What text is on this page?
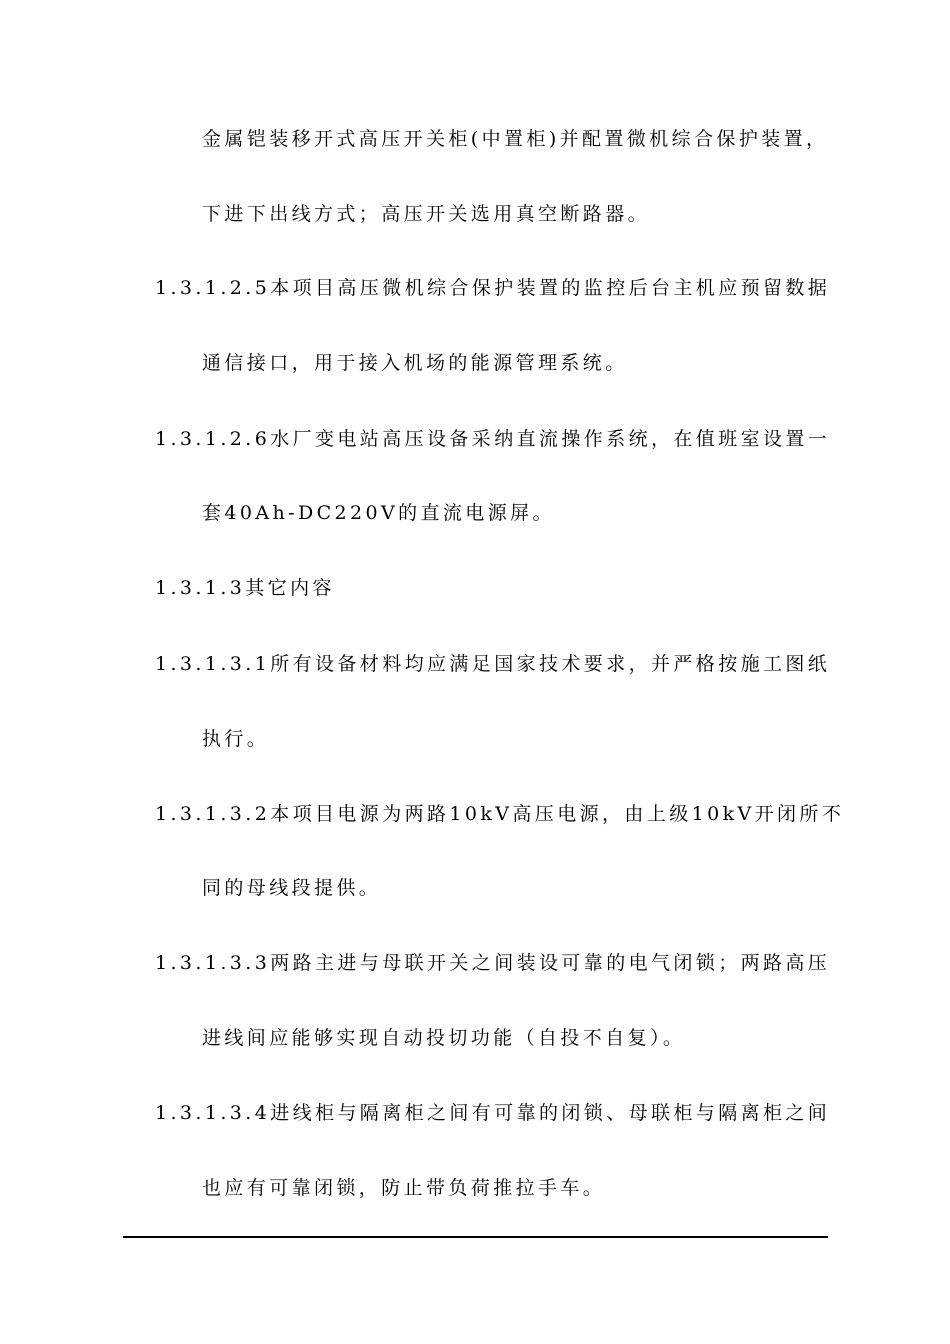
金属铠装移开式高压开关柜(中置柜)并配置微机综合保护装置，
下进下出线方式；高压开关选用真空断路器。
1.3.1.2.5本项目高压微机综合保护装置的监控后台主机应预留数据
通信接口，用于接入机场的能源管理系统。
1.3.1.2.6水厂变电站高压设备采纳直流操作系统，在值班室设置一
套40Ah-DC220V的直流电源屏。
1.3.1.3其它内容
1.3.1.3.1所有设备材料均应满足国家技术要求，并严格按施工图纸
执行。
1.3.1.3.2本项目电源为两路10kV高压电源，由上级10kV开闭所不
同的母线段提供。
1.3.1.3.3两路主进与母联开关之间装设可靠的电气闭锁；两路高压
进线间应能够实现自动投切功能（自投不自复）。
1.3.1.3.4进线柜与隔离柜之间有可靠的闭锁、母联柜与隔离柜之间
也应有可靠闭锁，防止带负荷推拉手车。
